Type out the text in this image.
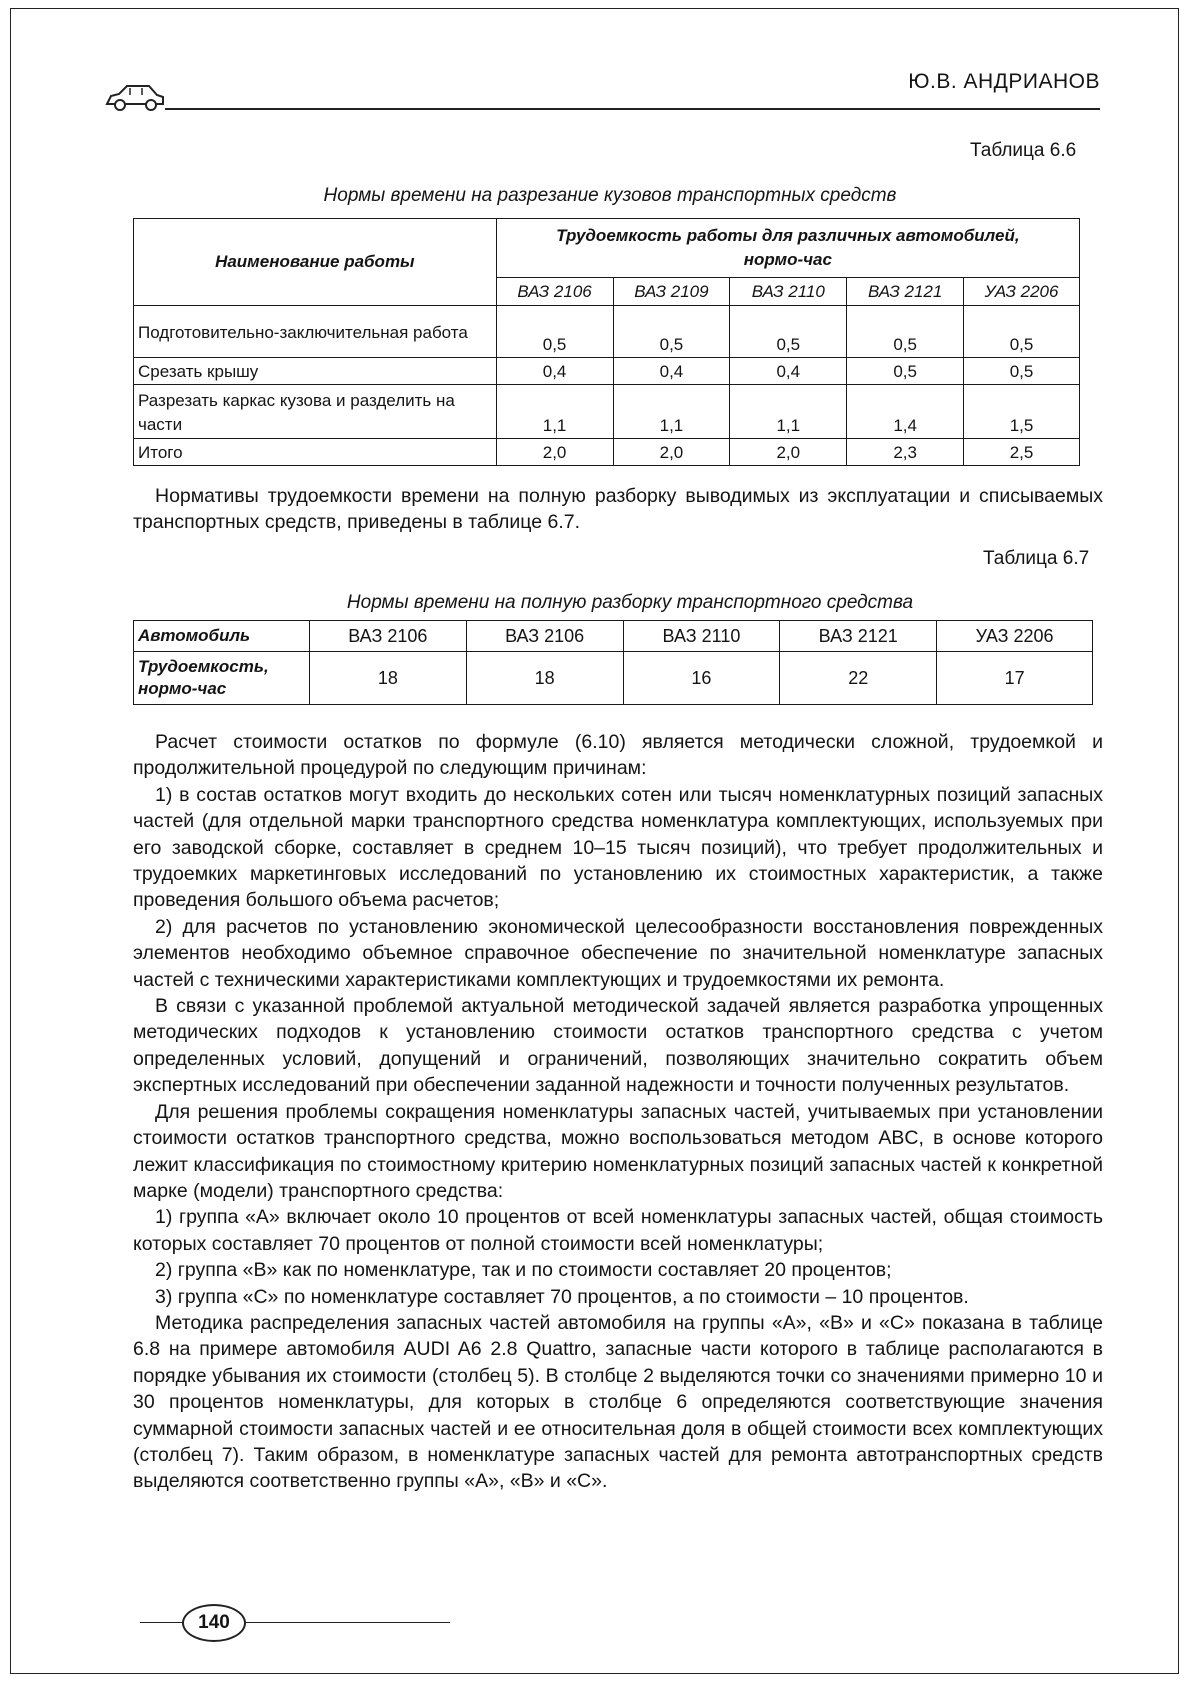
Ю.В. АНДРИАНОВ
Таблица 6.6
Нормы времени на разрезание кузовов транспортных средств
Наименование работы	Трудоемкость работы для различных автомобилей, нормо-час				
	ВАЗ 2106	ВАЗ 2109	ВАЗ 2110	ВАЗ 2121	УАЗ 2206
Подготовительно-заключительная работа	0,5	0,5	0,5	0,5	0,5
Срезать крышу	0,4	0,4	0,4	0,5	0,5
Разрезать каркас кузова и разделить на части	1,1	1,1	1,1	1,4	1,5
Итого	2,0	2,0	2,0	2,3	2,5

Нормативы трудоемкости времени на полную разборку выводимых из эксплуатации и списываемых транспортных средств, приведены в таблице 6.7.

Таблица 6.7
Нормы времени на полную разборку транспортного средства
Автомобиль	ВАЗ 2106	ВАЗ 2106	ВАЗ 2110	ВАЗ 2121	УАЗ 2206
Трудоемкость, нормо-час	18	18	16	22	17

Расчет стоимости остатков по формуле (6.10) является методически сложной, трудоемкой и продолжительной процедурой по следующим причинам:

1) в состав остатков могут входить до нескольких сотен или тысяч номенклатурных позиций запасных частей (для отдельной марки транспортного средства номенклатура комплектующих, используемых при его заводской сборке, составляет в среднем 10–15 тысяч позиций), что требует продолжительных и трудоемких маркетинговых исследований по установлению их стоимостных характеристик, а также проведения большого объема расчетов;

2) для расчетов по установлению экономической целесообразности восстановления поврежденных элементов необходимо объемное справочное обеспечение по значительной номенклатуре запасных частей с техническими характеристиками комплектующих и трудоемкостями их ремонта.

В связи с указанной проблемой актуальной методической задачей является разработка упрощенных методических подходов к установлению стоимости остатков транспортного средства с учетом определенных условий, допущений и ограничений, позволяющих значительно сократить объем экспертных исследований при обеспечении заданной надежности и точности полученных результатов.

Для решения проблемы сокращения номенклатуры запасных частей, учитываемых при установлении стоимости остатков транспортного средства, можно воспользоваться методом ABC, в основе которого лежит классификация по стоимостному критерию номенклатурных позиций запасных частей к конкретной марке (модели) транспортного средства:

1) группа «А» включает около 10 процентов от всей номенклатуры запасных частей, общая стоимость которых составляет 70 процентов от полной стоимости всей номенклатуры;

2) группа «В» как по номенклатуре, так и по стоимости составляет 20 процентов;

3) группа «С» по номенклатуре составляет 70 процентов, а по стоимости – 10 процентов.

Методика распределения запасных частей автомобиля на группы «А», «В» и «С» показана в таблице 6.8 на примере автомобиля AUDI A6 2.8 Quattro, запасные части которого в таблице располагаются в порядке убывания их стоимости (столбец 5). В столбце 2 выделяются точки со значениями примерно 10 и 30 процентов номенклатуры, для которых в столбце 6 определяются соответствующие значения суммарной стоимости запасных частей и ее относительная доля в общей стоимости всех комплектующих (столбец 7). Таким образом, в номенклатуре запасных частей для ремонта автотранспортных средств выделяются соответственно группы «А», «В» и «С».

140
